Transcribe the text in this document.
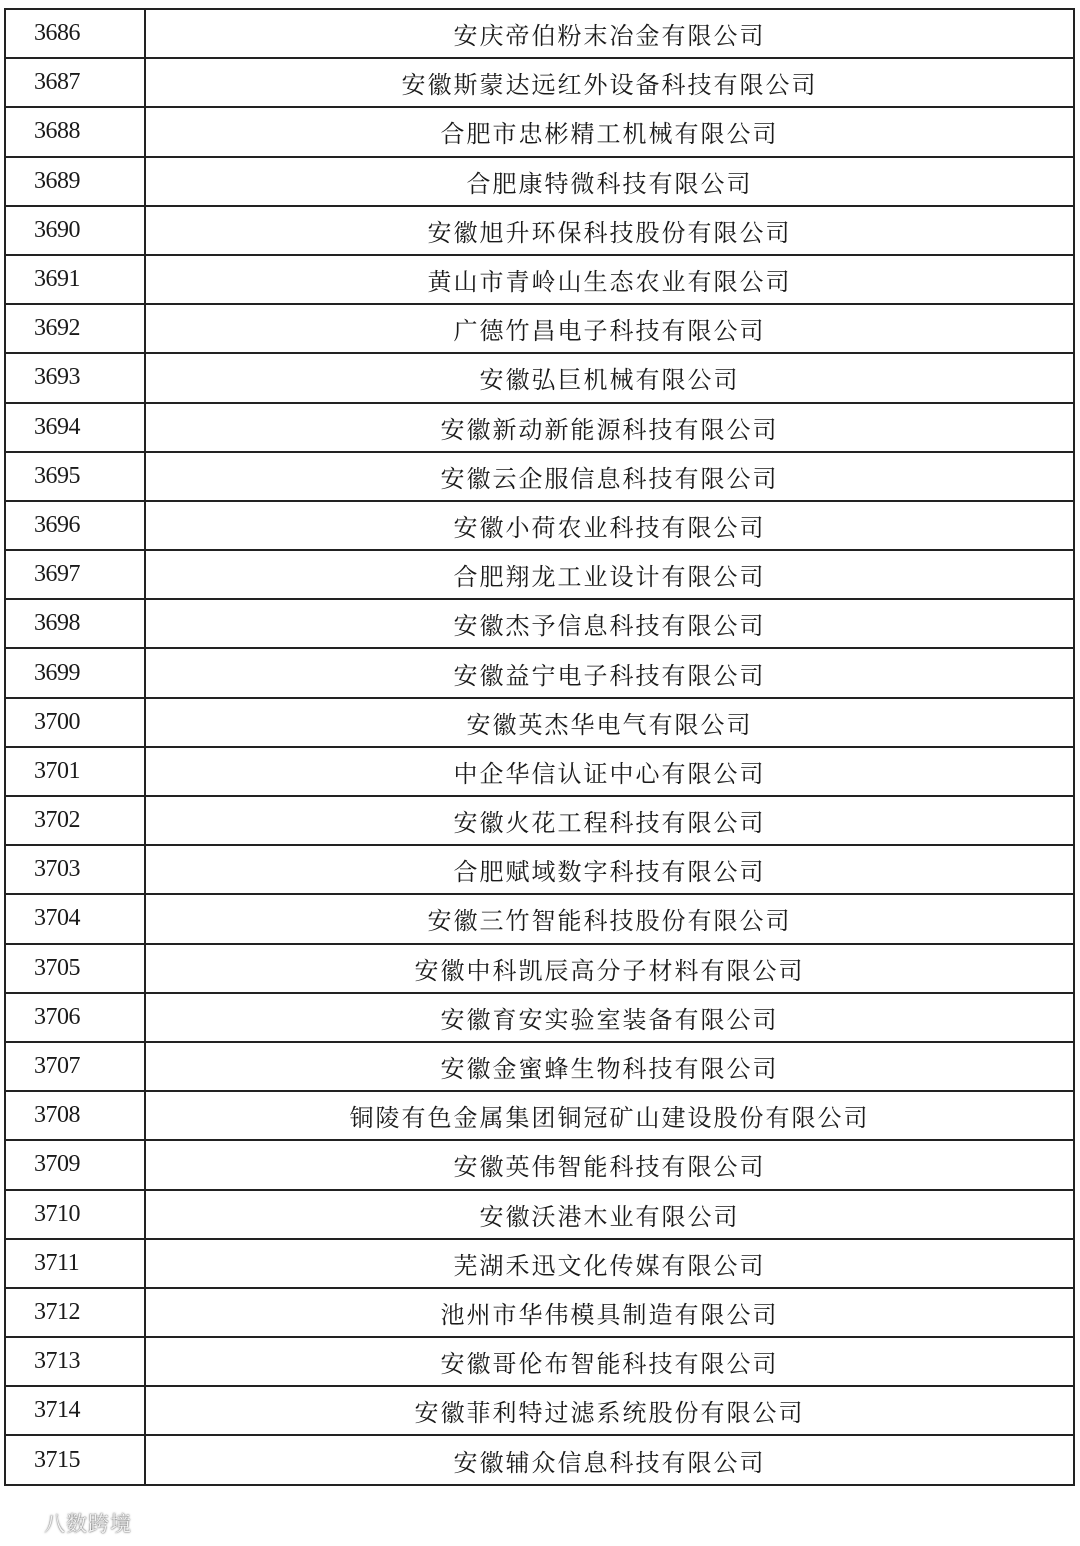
3686	安庆帝伯粉末冶金有限公司
3687	安徽斯蒙达远红外设备科技有限公司
3688	合肥市忠彬精工机械有限公司
3689	合肥康特微科技有限公司
3690	安徽旭升环保科技股份有限公司
3691	黄山市青岭山生态农业有限公司
3692	广德竹昌电子科技有限公司
3693	安徽弘巨机械有限公司
3694	安徽新动新能源科技有限公司
3695	安徽云企服信息科技有限公司
3696	安徽小荷农业科技有限公司
3697	合肥翔龙工业设计有限公司
3698	安徽杰予信息科技有限公司
3699	安徽益宁电子科技有限公司
3700	安徽英杰华电气有限公司
3701	中企华信认证中心有限公司
3702	安徽火花工程科技有限公司
3703	合肥赋域数字科技有限公司
3704	安徽三竹智能科技股份有限公司
3705	安徽中科凯辰高分子材料有限公司
3706	安徽育安实验室装备有限公司
3707	安徽金蜜蜂生物科技有限公司
3708	铜陵有色金属集团铜冠矿山建设股份有限公司
3709	安徽英伟智能科技有限公司
3710	安徽沃港木业有限公司
3711	芜湖禾迅文化传媒有限公司
3712	池州市华伟模具制造有限公司
3713	安徽哥伦布智能科技有限公司
3714	安徽菲利特过滤系统股份有限公司
3715	安徽辅众信息科技有限公司
八数跨境
